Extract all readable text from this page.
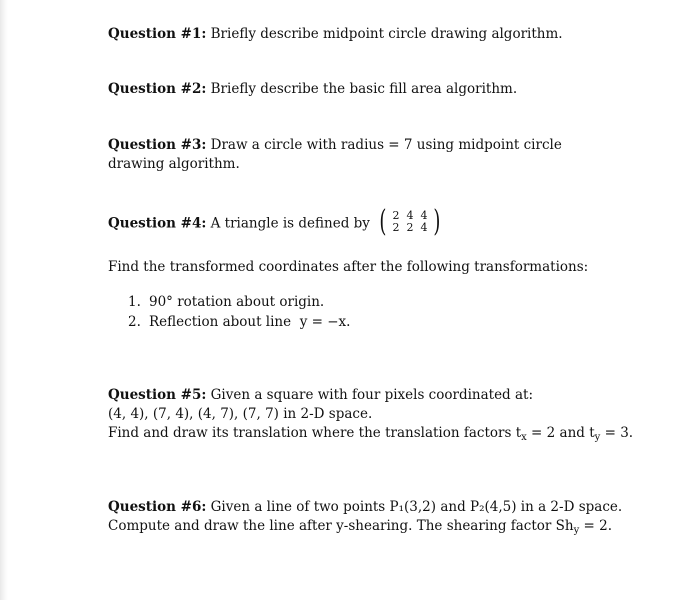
Question #1: Briefly describe midpoint circle drawing algorithm.
Question #2: Briefly describe the basic fill area algorithm.
Question #3: Draw a circle with radius = 7 using midpoint circle drawing algorithm.
Question #4: A triangle is defined by ( 2 4 4
2 2 4 )
Find the transformed coordinates after the following transformations:
1. 90° rotation about origin.
2. Reflection about line  y = −x.
Question #5: Given a square with four pixels coordinated at:
(4, 4), (7, 4), (4, 7), (7, 7) in 2-D space.
Find and draw its translation where the translation factors $t_x = 2$ and $t_y = 3$.
Question #6: Given a line of two points P₁(3,2) and P₂(4,5) in a 2-D space.
Compute and draw the line after y-shearing. The shearing factor $Sh_y = 2$.
